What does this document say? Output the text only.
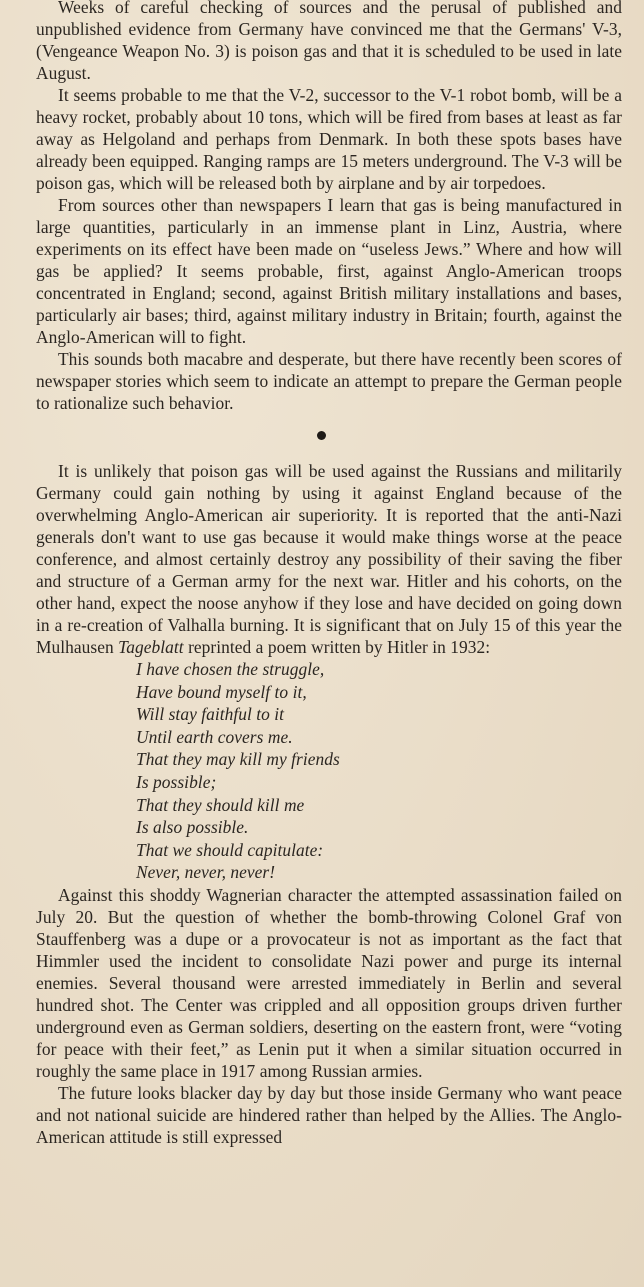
Weeks of careful checking of sources and the perusal of published and unpublished evidence from Germany have convinced me that the Germans' V-3, (Vengeance Weapon No. 3) is poison gas and that it is scheduled to be used in late August.

It seems probable to me that the V-2, successor to the V-1 robot bomb, will be a heavy rocket, probably about 10 tons, which will be fired from bases at least as far away as Helgoland and perhaps from Denmark. In both these spots bases have already been equipped. Ranging ramps are 15 meters underground. The V-3 will be poison gas, which will be released both by airplane and by air torpedoes.

From sources other than newspapers I learn that gas is being manufactured in large quantities, particularly in an immense plant in Linz, Austria, where experiments on its effect have been made on “useless Jews.” Where and how will gas be applied? It seems probable, first, against Anglo-American troops concentrated in England; second, against British military installations and bases, particularly air bases; third, against military industry in Britain; fourth, against the Anglo-American will to fight.

This sounds both macabre and desperate, but there have recently been scores of newspaper stories which seem to indicate an attempt to prepare the German people to rationalize such behavior.

It is unlikely that poison gas will be used against the Russians and militarily Germany could gain nothing by using it against England because of the overwhelming Anglo-American air superiority. It is reported that the anti-Nazi generals don't want to use gas because it would make things worse at the peace conference, and almost certainly destroy any possibility of their saving the fiber and structure of a German army for the next war. Hitler and his cohorts, on the other hand, expect the noose anyhow if they lose and have decided on going down in a re-creation of Valhalla burning. It is significant that on July 15 of this year the Mulhausen Tageblatt reprinted a poem written by Hitler in 1932:

I have chosen the struggle,
Have bound myself to it,
Will stay faithful to it
Until earth covers me.
That they may kill my friends
Is possible;
That they should kill me
Is also possible.
That we should capitulate:
Never, never, never!

Against this shoddy Wagnerian character the attempted assassination failed on July 20. But the question of whether the bomb-throwing Colonel Graf von Stauffenberg was a dupe or a provocateur is not as important as the fact that Himmler used the incident to consolidate Nazi power and purge its internal enemies. Several thousand were arrested immediately in Berlin and several hundred shot. The Center was crippled and all opposition groups driven further underground even as German soldiers, deserting on the eastern front, were “voting for peace with their feet,” as Lenin put it when a similar situation occurred in roughly the same place in 1917 among Russian armies.

The future looks blacker day by day but those inside Germany who want peace and not national suicide are hindered rather than helped by the Allies. The Anglo-American attitude is still expressed
